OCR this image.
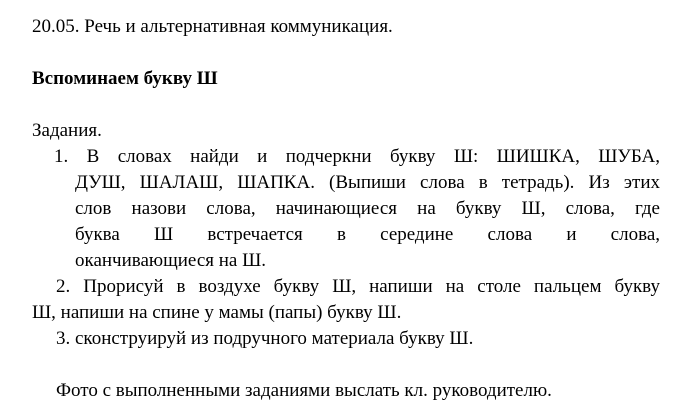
20.05. Речь и альтернативная коммуникация.
Вспоминаем букву Ш
Задания.
1. В словах найди и подчеркни букву Ш: ШИШКА, ШУБА,
ДУШ, ШАЛАШ, ШАПКА. (Выпиши слова в тетрадь). Из этих
слов назови слова, начинающиеся на букву Ш, слова, где
буква Ш встречается в середине слова и слова,
оканчивающиеся на Ш.
2. Прорисуй в воздухе букву Ш, напиши на столе пальцем букву
Ш, напиши на спине у мамы (папы) букву Ш.
3. сконструируй из подручного материала букву Ш.
Фото с выполненными заданиями выслать кл. руководителю.
